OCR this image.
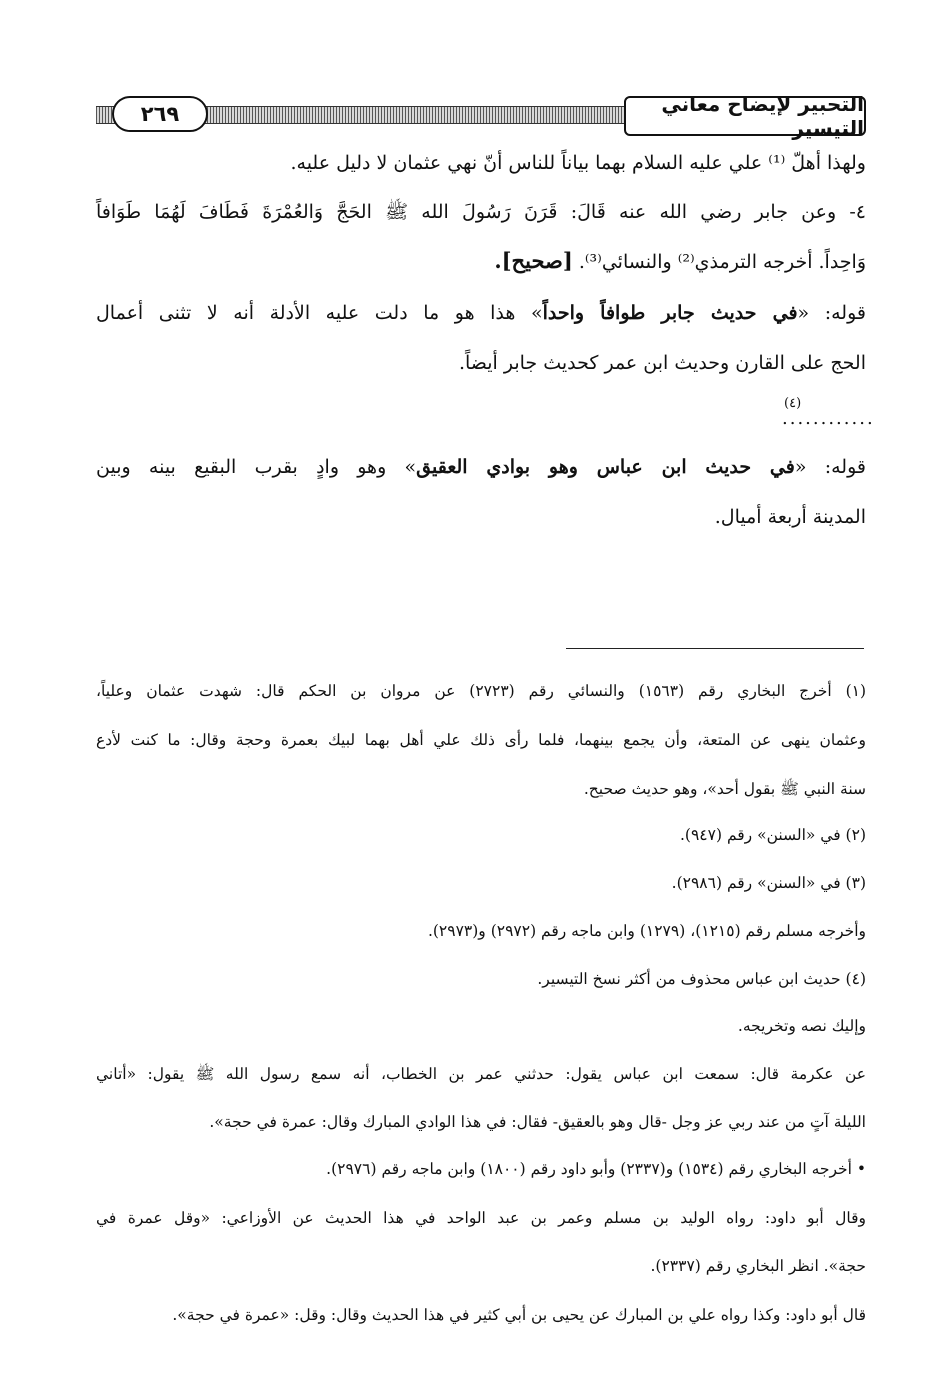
التحبير لإيضاح معاني التيسير
٢٦٩
ولهذا أهلّ ⁽¹⁾ علي عليه السلام بهما بياناً للناس أنّ نهي عثمان لا دليل عليه.
٤- وعن جابر رضي الله عنه قَالَ: قَرَنَ رَسُولَ الله ﷺ الحَجَّ وَالعُمْرَةَ فَطَافَ لَهُمَا طَوَافاً
وَاحِداً. أخرجه الترمذي⁽²⁾ والنسائي⁽³⁾. [صحيح].
قوله: «في حديث جابر طوافاً واحداً» هذا هو ما دلت عليه الأدلة أنه لا تثنى أعمال
الحج على القارن وحديث ابن عمر كحديث جابر أيضاً.
(٤)
............
قوله: «في حديث ابن عباس وهو بوادي العقيق» وهو وادٍ بقرب البقيع بينه وبين
المدينة أربعة أميال.
(١) أخرج البخاري رقم (١٥٦٣) والنسائي رقم (٢٧٢٣) عن مروان بن الحكم قال: شهدت عثمان وعلياً،
وعثمان ينهى عن المتعة، وأن يجمع بينهما، فلما رأى ذلك علي أهل بهما لبيك بعمرة وحجة وقال: ما كنت لأدع
سنة النبي ﷺ بقول أحد»، وهو حديث صحيح.
(٢) في «السنن» رقم (٩٤٧).
(٣) في «السنن» رقم (٢٩٨٦).
وأخرجه مسلم رقم (١٢١٥)، (١٢٧٩) وابن ماجه رقم (٢٩٧٢) و(٢٩٧٣).
(٤) حديث ابن عباس محذوف من أكثر نسخ التيسير.
وإليك نصه وتخريجه.
عن عكرمة قال: سمعت ابن عباس يقول: حدثني عمر بن الخطاب، أنه سمع رسول الله ﷺ يقول: «أتاني
الليلة آتٍ من عند ربي عز وجل -قال وهو بالعقيق- فقال: في هذا الوادي المبارك وقال: عمرة في حجة».
• أخرجه البخاري رقم (١٥٣٤) و(٢٣٣٧) وأبو داود رقم (١٨٠٠) وابن ماجه رقم (٢٩٧٦).
وقال أبو داود: رواه الوليد بن مسلم وعمر بن عبد الواحد في هذا الحديث عن الأوزاعي: «وقل عمرة في
حجة». انظر البخاري رقم (٢٣٣٧).
قال أبو داود: وكذا رواه علي بن المبارك عن يحيى بن أبي كثير في هذا الحديث وقال: وقل: «عمرة في حجة».
